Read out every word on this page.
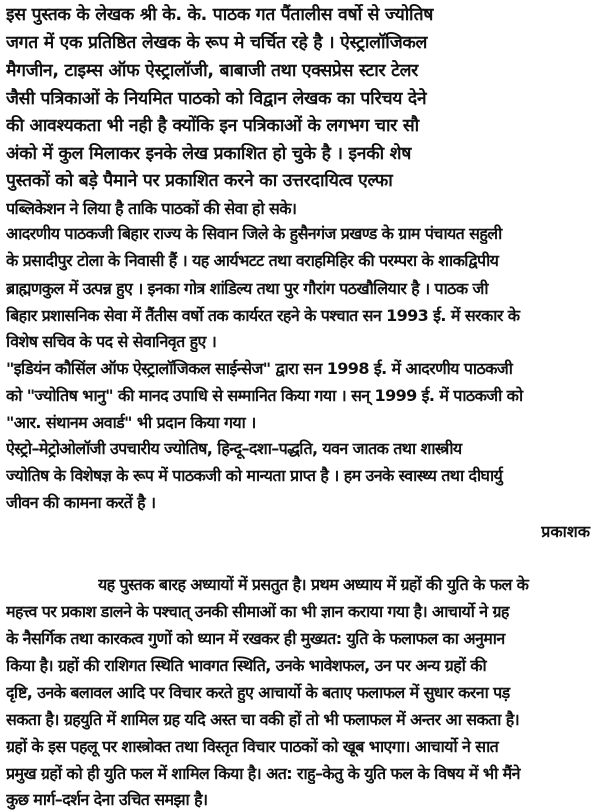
इस पुस्तक के लेखक श्री के. के. पाठक गत पैंतालीस वर्षो से ज्योतिष
जगत में एक प्रतिष्ठित लेखक के रूप मे चर्चित रहे है । ऐस्ट्रालॉजिकल
मैगजीन, टाइम्स ऑफ ऐस्ट्रालॉजी, बाबाजी तथा एक्सप्रेस स्टार टेलर
जैसी पत्रिकाओं के नियमित पाठको को विद्वान लेखक का परिचय देने
की आवश्यकता भी नही है क्योंकि इन पत्रिकाओं के लगभग चार सौ
अंको में कुल मिलाकर इनके लेख प्रकाशित हो चुके है । इनकी शेष
पुस्तकों को बड़े पैमाने पर प्रकाशित करने का उत्तरदायित्व एल्फा
पब्लिकेशन ने लिया है ताकि पाठकों की सेवा हो सके।
आदरणीय पाठकजी बिहार राज्य के सिवान जिले के हुसैनगंज प्रखण्ड के ग्राम पंचायत सहुली
के प्रसादीपुर टोला के निवासी हैं । यह आर्यभटट तथा वराहमिहिर की परम्परा के शाकद्विपीय
ब्राह्मणकुल में उत्पन्न हुए । इनका गोत्र शांडिल्य तथा पुर गौरांग पठखौलियार है । पाठक जी
बिहार प्रशासनिक सेवा में तैंतीस वर्षो तक कार्यरत रहने के पश्चात सन 1993 ई. में सरकार के
विशेष सचिव के पद से सेवानिवृत हुए ।
"इडियंन कौसिंल ऑफ ऐस्ट्रालॉजिकल साईन्सेज" द्वारा सन 1998 ई. में आदरणीय पाठकजी
को "ज्योतिष भानु" की मानद उपाधि से सम्मानित किया गया । सन् 1999 ई. में पाठकजी को
"आर. संथानम अवार्ड" भी प्रदान किया गया ।
ऐस्ट्रो–मेट्रोओलॉजी उपचारीय ज्योतिष, हिन्दू–दशा–पद्धति, यवन जातक तथा शास्त्रीय
ज्योतिष के विशेषज्ञ के रूप में पाठकजी को मान्यता प्राप्त है । हम उनके स्वास्थ्य तथा दीघार्यु
जीवन की कामना करतें है ।
प्रकाशक
यह पुस्तक बारह अध्यायों में प्रसतुत है। प्रथम अध्याय में ग्रहों की युति के फल के
महत्त्व पर प्रकाश डालने के पश्चात् उनकी सीमाओं का भी ज्ञान कराया गया है। आचार्यो ने ग्रह
के नैसर्गिक तथा कारकत्व गुणों को ध्यान में रखकर ही मुख्यत: युति के फलाफल का अनुमान
किया है। ग्रहों की राशिगत स्थिति भावगत स्थिति, उनके भावेशफल, उन पर अन्य ग्रहों की
दृष्टि, उनके बलावल आदि पर विचार करते हुए आचार्यो के बताए फलाफल में सुधार करना पड़
सकता है। ग्रहयुति में शामिल ग्रह यदि अस्त चा वकी हों तो भी फलाफल में अन्तर आ सकता है।
ग्रहों के इस पहलू पर शास्त्रोक्त तथा विस्तृत विचार पाठकों को खूब भाएगा। आचार्यो ने सात
प्रमुख ग्रहों को ही युति फल में शामिल किया है। अत: राहु–केतु के युति फल के विषय में भी मैंने
कुछ मार्ग–दर्शन देना उचित समझा है।
